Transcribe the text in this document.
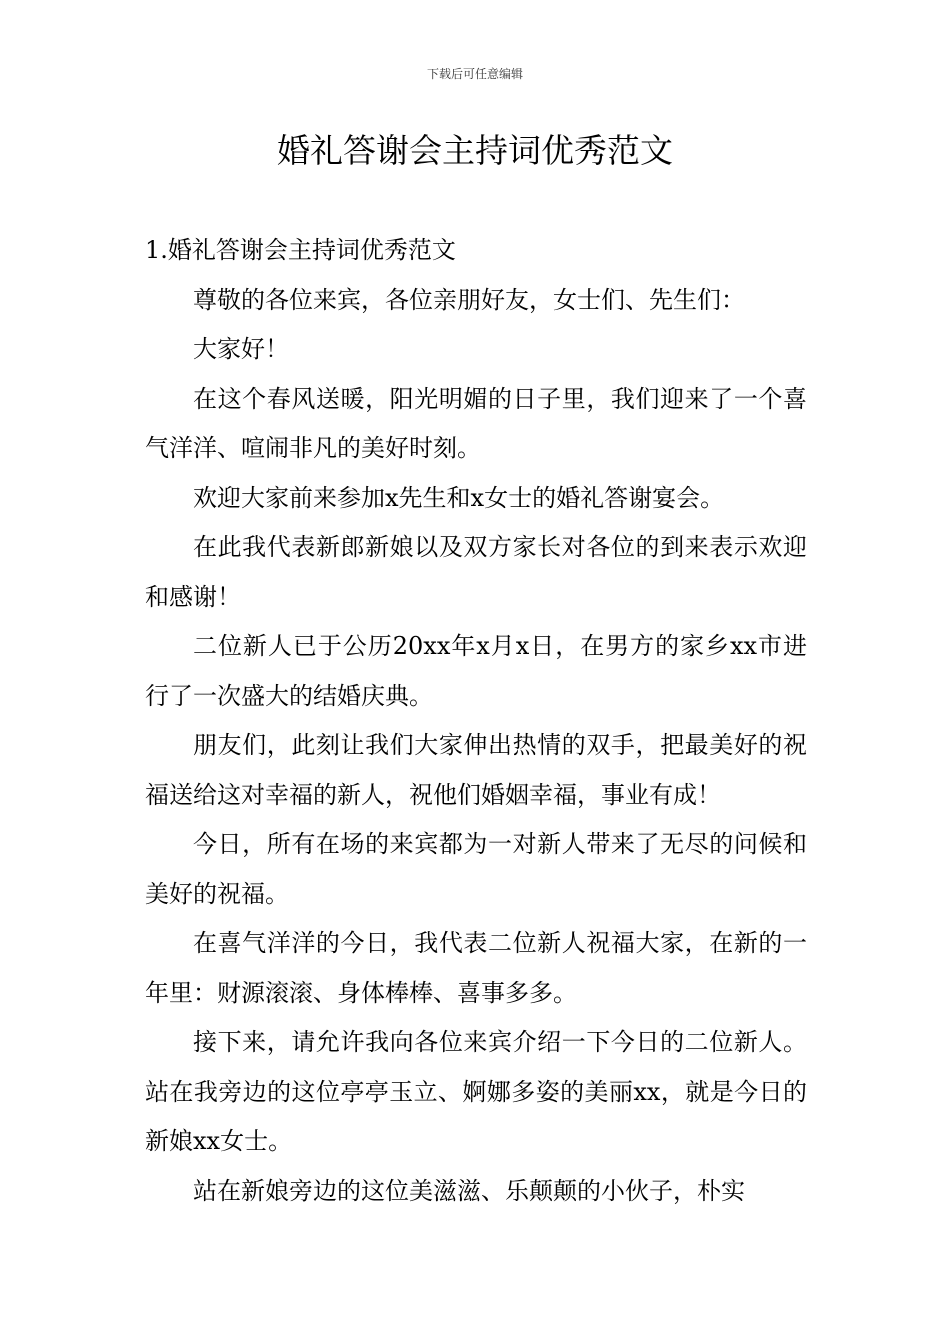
下载后可任意编辑
婚礼答谢会主持词优秀范文

1.婚礼答谢会主持词优秀范文

尊敬的各位来宾，各位亲朋好友，女士们、先生们：

大家好！

在这个春风送暖，阳光明媚的日子里，我们迎来了一个喜气洋洋、喧闹非凡的美好时刻。

欢迎大家前来参加x先生和x女士的婚礼答谢宴会。

在此我代表新郎新娘以及双方家长对各位的到来表示欢迎和感谢！

二位新人已于公历20xx年x月x日，在男方的家乡xx市进行了一次盛大的结婚庆典。

朋友们，此刻让我们大家伸出热情的双手，把最美好的祝福送给这对幸福的新人，祝他们婚姻幸福，事业有成！

今日，所有在场的来宾都为一对新人带来了无尽的问候和美好的祝福。

在喜气洋洋的今日，我代表二位新人祝福大家，在新的一年里：财源滚滚、身体棒棒、喜事多多。

接下来，请允许我向各位来宾介绍一下今日的二位新人。站在我旁边的这位亭亭玉立、婀娜多姿的美丽xx，就是今日的新娘xx女士。

站在新娘旁边的这位美滋滋、乐颠颠的小伙子，朴实
